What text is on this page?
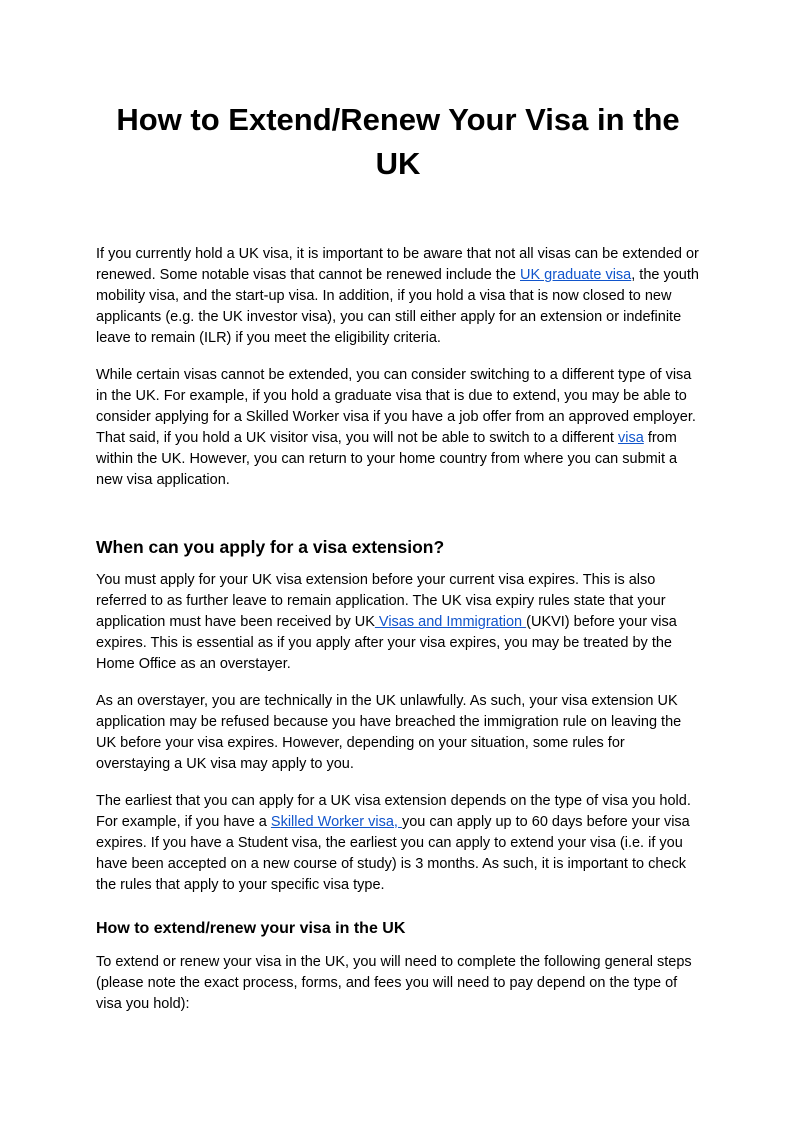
How to Extend/Renew Your Visa in the UK

If you currently hold a UK visa, it is important to be aware that not all visas can be extended or renewed. Some notable visas that cannot be renewed include the UK graduate visa, the youth mobility visa, and the start-up visa. In addition, if you hold a visa that is now closed to new applicants (e.g. the UK investor visa), you can still either apply for an extension or indefinite leave to remain (ILR) if you meet the eligibility criteria.

While certain visas cannot be extended, you can consider switching to a different type of visa in the UK. For example, if you hold a graduate visa that is due to extend, you may be able to consider applying for a Skilled Worker visa if you have a job offer from an approved employer. That said, if you hold a UK visitor visa, you will not be able to switch to a different visa from within the UK. However, you can return to your home country from where you can submit a new visa application.

When can you apply for a visa extension?

You must apply for your UK visa extension before your current visa expires. This is also referred to as further leave to remain application. The UK visa expiry rules state that your application must have been received by UK Visas and Immigration (UKVI) before your visa expires. This is essential as if you apply after your visa expires, you may be treated by the Home Office as an overstayer.

As an overstayer, you are technically in the UK unlawfully. As such, your visa extension UK application may be refused because you have breached the immigration rule on leaving the UK before your visa expires. However, depending on your situation, some rules for overstaying a UK visa may apply to you.

The earliest that you can apply for a UK visa extension depends on the type of visa you hold. For example, if you have a Skilled Worker visa, you can apply up to 60 days before your visa expires. If you have a Student visa, the earliest you can apply to extend your visa (i.e. if you have been accepted on a new course of study) is 3 months. As such, it is important to check the rules that apply to your specific visa type.

How to extend/renew your visa in the UK

To extend or renew your visa in the UK, you will need to complete the following general steps (please note the exact process, forms, and fees you will need to pay depend on the type of visa you hold):
